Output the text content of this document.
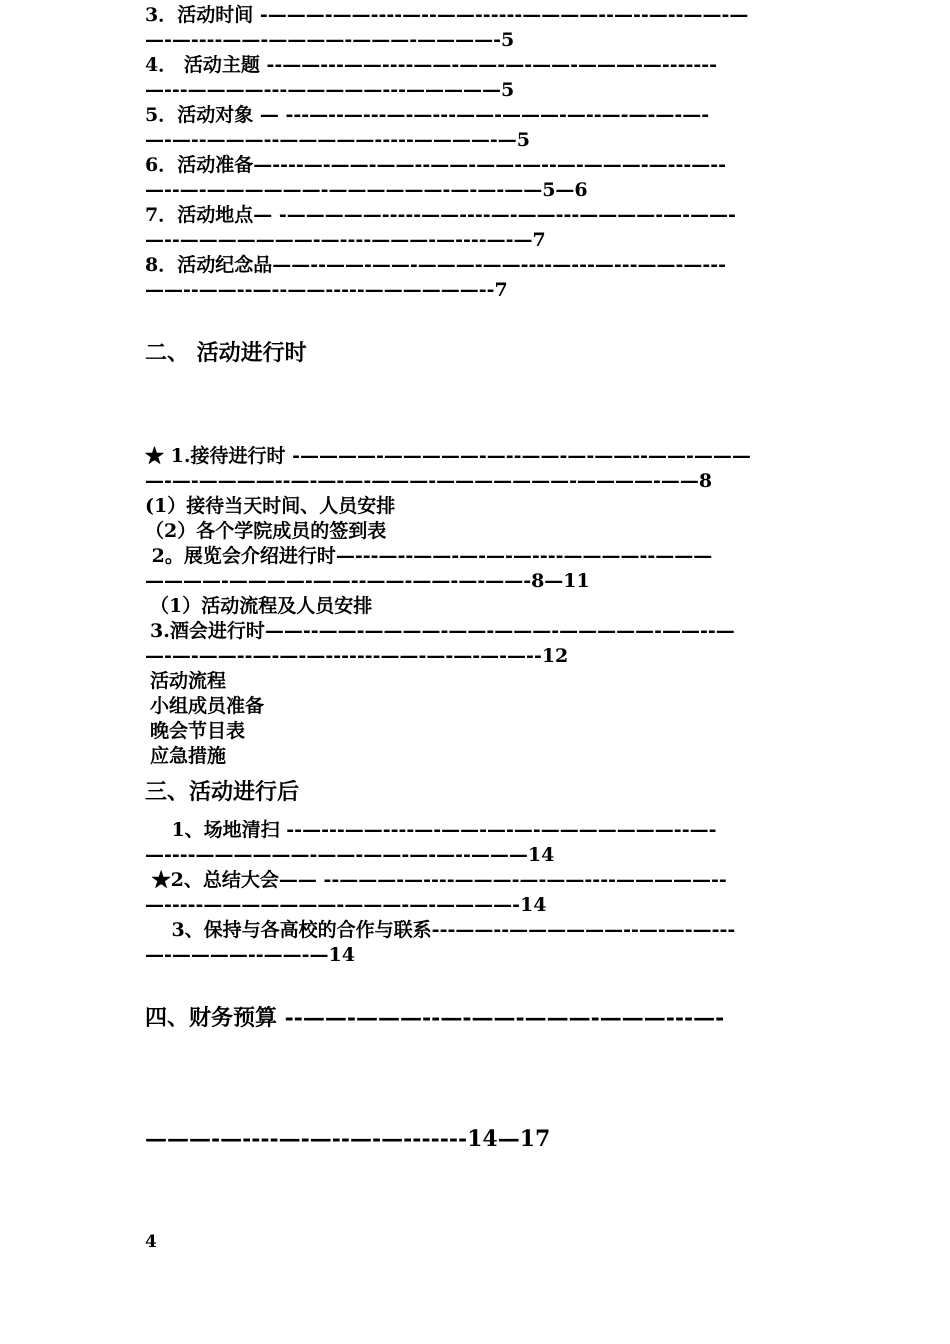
3．活动时间 -———-——----—--——------————--—--—--——-—
—-—----——-————-———-————-5
4． 活动主题 --——---——----——-——-—-——-———-—-------
—---————---—————---—————5
5．活动对象 — ---—--—---—-—---——-———-—--—-—-—-—-
—-—--———--—————-----————-—5
6．活动准备—----—-——-——--——-——-—--—-———-—---—--
—--—-——————-——————-—-—-——5—6
7．活动地点— -—————-----——----—-——---————-—-——-
—--———————-—----———-—----—-—7
8．活动纪念品——--——-——-———-——----—---—---——-—---
——--——--—--——-----——————--7
二、 活动进行时
★ 1.接待进行时 -————-—————-—--——-—-——--——-———
—-—-————--—-—-—-———-———————-————-——8
(1）接待当天时间、人员安排
（2）各个学院成员的签到表
2。展览会介绍进行时—---—--——-—-—-—----————--———
————-————-——--——-——-—-——-8—11
（1）活动流程及人员安排
3.酒会进行时——--——-————-——-———-—————-——--—
—-—-——--—-—-—-------——-—-—-—-—--12
活动流程
小组成员准备
晚会节目表
应急措施
三、活动进行后
1、场地清扫 --—---——----—-——-—-—-———————--—-
—----——————-——-——-—-—--———14
★2、总结大会—— --———-—----———-—-——----—————--
—-----———————-———-—-————-14
3、保持与各高校的合作与联系---——--——————--—-—-—---
—-————--——-—14
四、财务预算 --——-———--—-——-———-———---—-
———-—----—-—--—-—-------14—17
4
